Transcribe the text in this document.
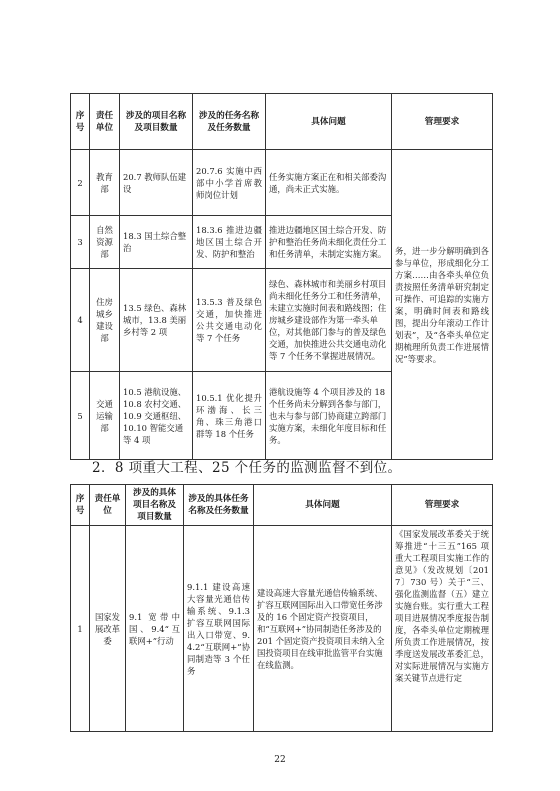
序号	责任单位	涉及的项目名称及项目数量	涉及的任务名称及任务数量	具体问题	管理要求
2	教育部	20.7 教师队伍建设	20.7.6 实施中西部中小学首席教师岗位计划	任务实施方案正在和相关部委沟通，尚未正式实施。	务，进一步分解明确到各参与单位，形成细化分工方案……由各牵头单位负责按照任务清单研究制定可操作、可追踪的实施方案，明确时间表和路线图，提出分年滚动工作计划表”，及“各牵头单位定期梳理所负责工作进展情况”等要求。
3	自然资源部	18.3 国土综合整治	18.3.6 推进边疆地区国土综合开发、防护和整治	推进边疆地区国土综合开发、防护和整治任务尚未细化责任分工和任务清单，未制定实施方案。	
4	住房城乡建设部	13.5 绿色、森林城市，13.8 美丽乡村等 2 项	13.5.3 普及绿色交通，加快推进公共交通电动化等 7 个任务	绿色、森林城市和美丽乡村项目尚未细化任务分工和任务清单，未建立实施时间表和路线图；住房城乡建设部作为第一牵头单位，对其他部门参与的普及绿色交通，加快推进公共交通电动化等 7 个任务不掌握进展情况。	
5	交通运输部	10.5 港航设施、10.8 农村交通、10.9 交通枢纽、10.10 智能交通等 4 项	10.5.1 优化提升环渤海、长三角、珠三角港口群等 18 个任务	港航设施等 4 个项目涉及的 18 个任务尚未分解到各参与部门，也未与参与部门协商建立跨部门实施方案，未细化年度目标和任务。	
2．8 项重大工程、25 个任务的监测监督不到位。
序号	责任单位	涉及的具体项目名称及项目数量	涉及的具体任务名称及任务数量	具体问题	管理要求
1	国家发展改革委	9.1 宽带中国、9.4“互联网+”行动	9.1.1 建设高速大容量光通信传输系统、9.1.3 扩容互联网国际出入口带宽、9.4.2“互联网+”协同制造等 3 个任务	建设高速大容量光通信传输系统、扩容互联网国际出入口带宽任务涉及的 16 个固定资产投资项目，和“互联网+”协同制造任务涉及的 201 个固定资产投资项目未纳入全国投资项目在线审批监管平台实施在线监测。	《国家发展改革委关于统筹推进“十三五”165 项重大工程项目实施工作的意见》（发改规划〔2017〕730 号）关于“三、强化监测监督（五）建立实施台账。实行重大工程项目进展情况季度报告制度，各牵头单位定期梳理所负责工作进展情况，按季度送发展改革委汇总，对实际进展情况与实施方案关键节点进行定
22
